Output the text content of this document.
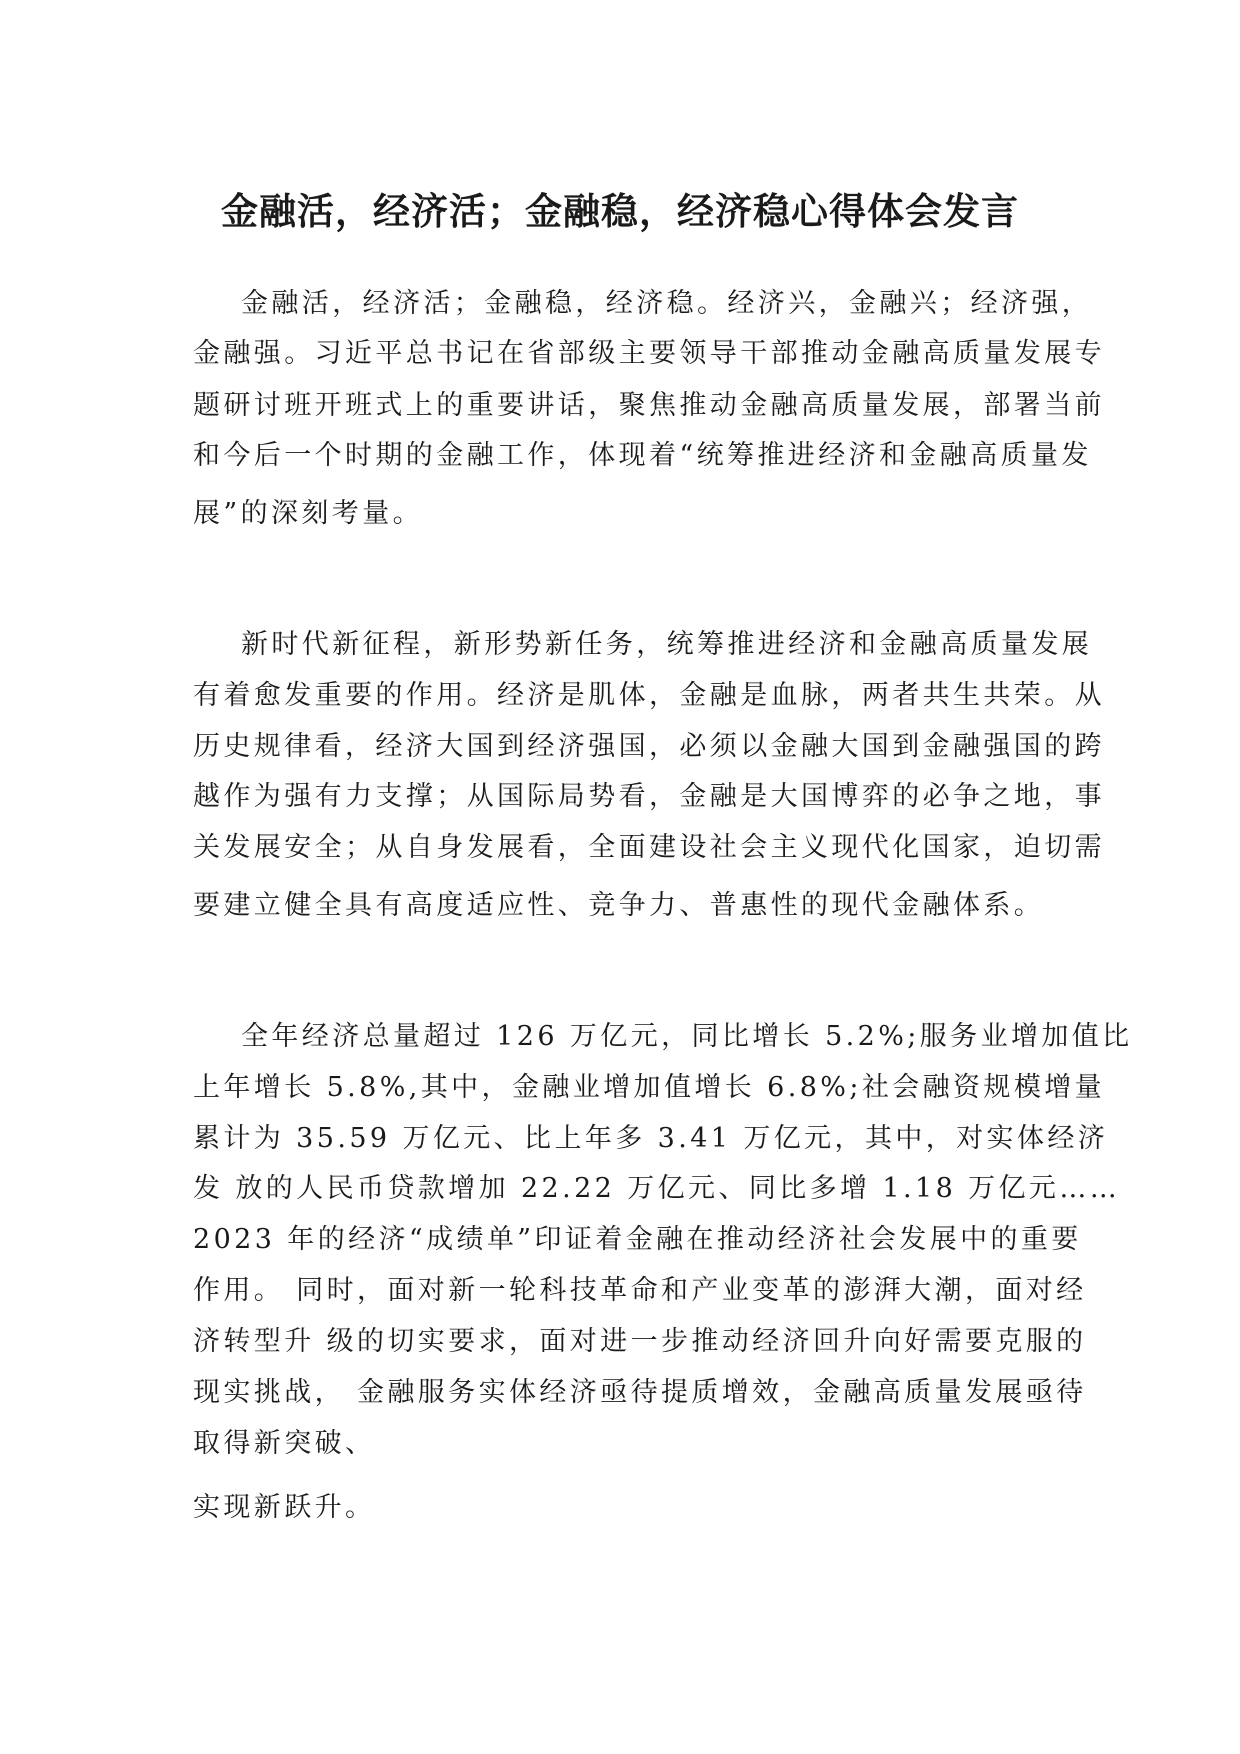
金融活，经济活；金融稳，经济稳心得体会发言

金融活，经济活；金融稳，经济稳。经济兴，金融兴；经济强，

金融强。习近平总书记在省部级主要领导干部推动金融高质量发展专

题研讨班开班式上的重要讲话，聚焦推动金融高质量发展，部署当前

和今后一个时期的金融工作，体现着“统筹推进经济和金融高质量发

展”的深刻考量。

新时代新征程，新形势新任务，统筹推进经济和金融高质量发展

有着愈发重要的作用。经济是肌体，金融是血脉，两者共生共荣。从

历史规律看，经济大国到经济强国，必须以金融大国到金融强国的跨

越作为强有力支撑；从国际局势看，金融是大国博弈的必争之地，事

关发展安全；从自身发展看，全面建设社会主义现代化国家，迫切需

要建立健全具有高度适应性、竞争力、普惠性的现代金融体系。

全年经济总量超过 126 万亿元，同比增长 5.2%;服务业增加值比

上年增长 5.8%,其中，金融业增加值增长 6.8%;社会融资规模增量

累计为 35.59 万亿元、比上年多 3.41 万亿元，其中，对实体经济

发 放的人民币贷款增加 22.22 万亿元、同比多增 1.18 万亿元……

2023 年的经济“成绩单”印证着金融在推动经济社会发展中的重要

作用。 同时，面对新一轮科技革命和产业变革的澎湃大潮，面对经

济转型升 级的切实要求，面对进一步推动经济回升向好需要克服的

现实挑战， 金融服务实体经济亟待提质增效，金融高质量发展亟待

取得新突破、

实现新跃升。
